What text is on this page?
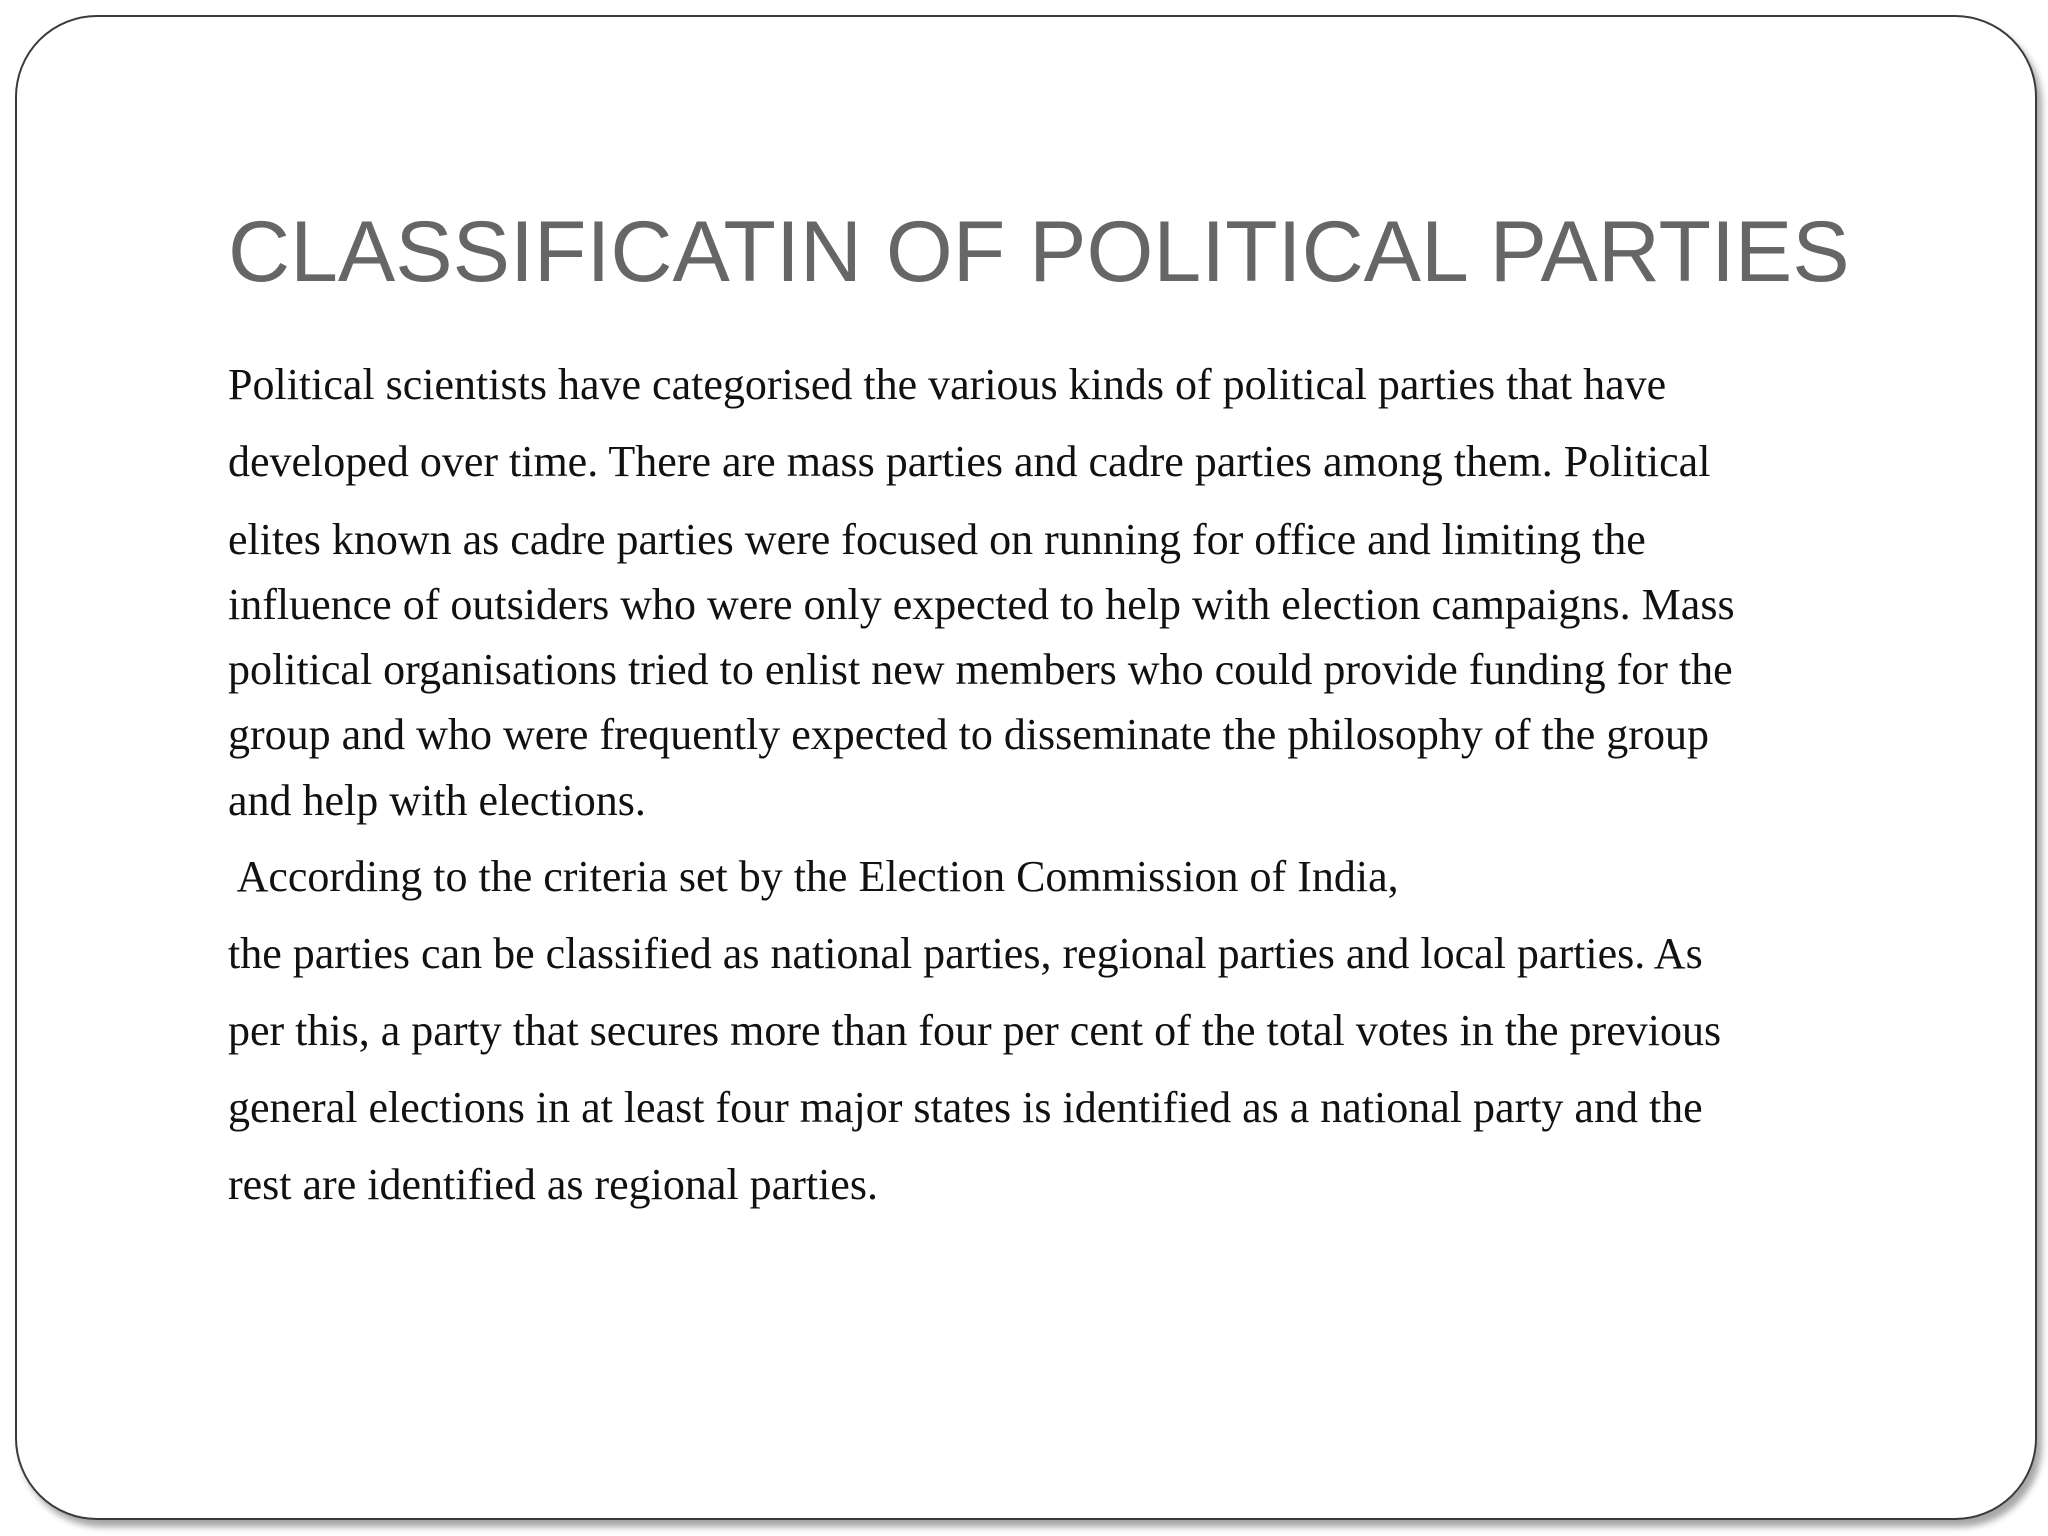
CLASSIFICATIN OF POLITICAL PARTIES
Political scientists have categorised the various kinds of political parties that have
developed over time. There are mass parties and cadre parties among them. Political
elites known as cadre parties were focused on running for office and limiting the
influence of outsiders who were only expected to help with election campaigns. Mass
political organisations tried to enlist new members who could provide funding for the
group and who were frequently expected to disseminate the philosophy of the group
and help with elections.
According to the criteria set by the Election Commission of India,
the parties can be classified as national parties, regional parties and local parties. As
per this, a party that secures more than four per cent of the total votes in the previous
general elections in at least four major states is identified as a national party and the
rest are identified as regional parties.
